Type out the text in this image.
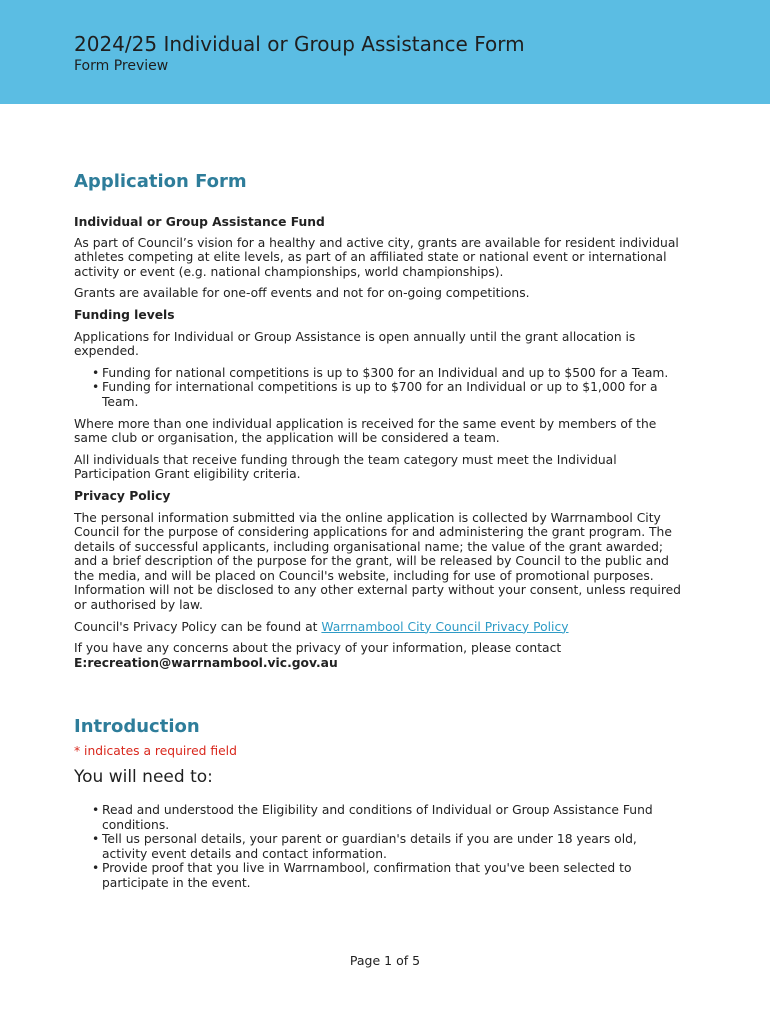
2024/25 Individual or Group Assistance Form
Form Preview
Application Form

Individual or Group Assistance Fund

As part of Council’s vision for a healthy and active city, grants are available for resident individual athletes competing at elite levels, as part of an affiliated state or national event or international activity or event (e.g. national championships, world championships).

Grants are available for one-off events and not for on-going competitions.

Funding levels

Applications for Individual or Group Assistance is open annually until the grant allocation is expended.

• Funding for national competitions is up to $300 for an Individual and up to $500 for a Team.
• Funding for international competitions is up to $700 for an Individual or up to $1,000 for a Team.

Where more than one individual application is received for the same event by members of the same club or organisation, the application will be considered a team.

All individuals that receive funding through the team category must meet the Individual Participation Grant eligibility criteria.

Privacy Policy

The personal information submitted via the online application is collected by Warrnambool City Council for the purpose of considering applications for and administering the grant program. The details of successful applicants, including organisational name; the value of the grant awarded; and a brief description of the purpose for the grant, will be released by Council to the public and the media, and will be placed on Council's website, including for use of promotional purposes. Information will not be disclosed to any other external party without your consent, unless required or authorised by law.

Council's Privacy Policy can be found at Warrnambool City Council Privacy Policy

If you have any concerns about the privacy of your information, please contact

E:recreation@warrnambool.vic.gov.au

Introduction

* indicates a required field

You will need to:

• Read and understood the Eligibility and conditions of Individual or Group Assistance Fund conditions.
• Tell us personal details, your parent or guardian's details if you are under 18 years old, activity event details and contact information.
• Provide proof that you live in Warrnambool, confirmation that you've been selected to participate in the event.
Page 1 of 5
